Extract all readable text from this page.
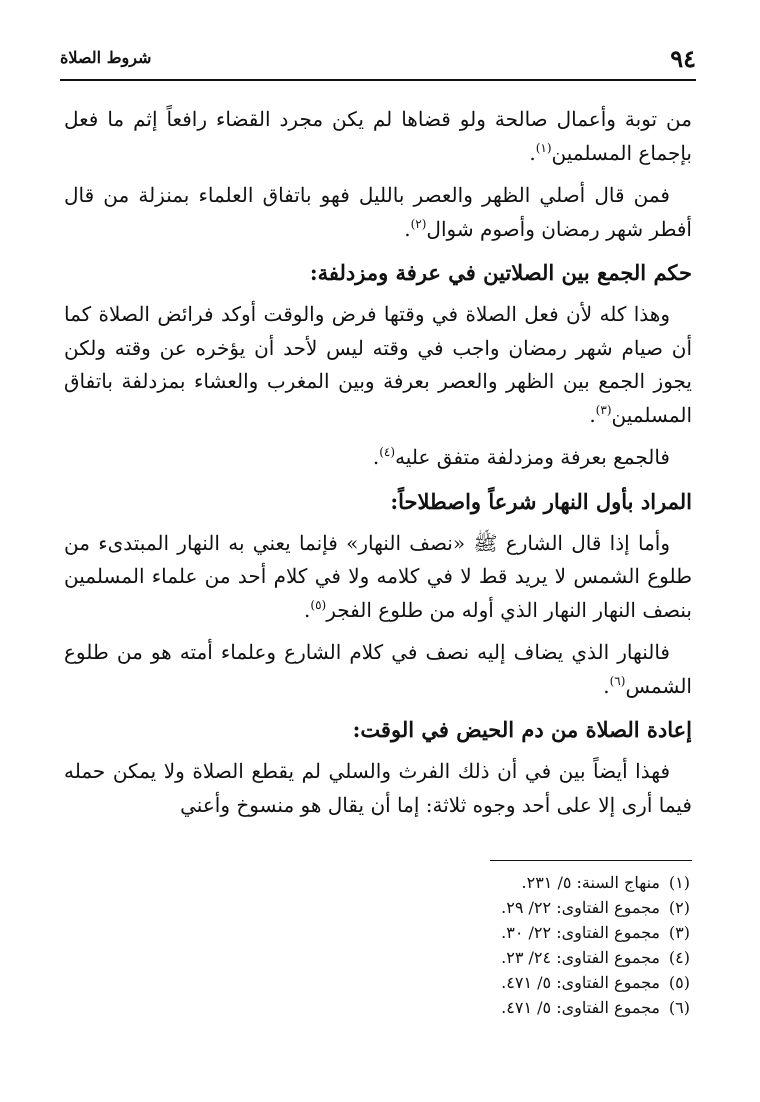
٩٤
شروط الصلاة

من توبة وأعمال صالحة ولو قضاها لم يكن مجرد القضاء رافعاً إثم ما فعل بإجماع المسلمين$^{(١)}$.

فمن قال أصلي الظهر والعصر بالليل فهو باتفاق العلماء بمنزلة من قال أفطر شهر رمضان وأصوم شوال$^{(٢)}$.

حكم الجمع بين الصلاتين في عرفة ومزدلفة:

وهذا كله لأن فعل الصلاة في وقتها فرض والوقت أوكد فرائض الصلاة كما أن صيام شهر رمضان واجب في وقته ليس لأحد أن يؤخره عن وقته ولكن يجوز الجمع بين الظهر والعصر بعرفة وبين المغرب والعشاء بمزدلفة باتفاق المسلمين$^{(٣)}$.

فالجمع بعرفة ومزدلفة متفق عليه$^{(٤)}$.

المراد بأول النهار شرعاً واصطلاحاً:

وأما إذا قال الشارع ﷺ «نصف النهار» فإنما يعني به النهار المبتدىء من طلوع الشمس لا يريد قط لا في كلامه ولا في كلام أحد من علماء المسلمين بنصف النهار النهار الذي أوله من طلوع الفجر$^{(٥)}$.

فالنهار الذي يضاف إليه نصف في كلام الشارع وعلماء أمته هو من طلوع الشمس$^{(٦)}$.

إعادة الصلاة من دم الحيض في الوقت:

فهذا أيضاً بين في أن ذلك الفرث والسلي لم يقطع الصلاة ولا يمكن حمله فيما أرى إلا على أحد وجوه ثلاثة: إما أن يقال هو منسوخ وأعني

(١)منهاج السنة: ٥/ ٢٣١.

(٢)مجموع الفتاوى: ٢٢/ ٢٩.

(٣)مجموع الفتاوى: ٢٢/ ٣٠.

(٤)مجموع الفتاوى: ٢٤/ ٢٣.

(٥)مجموع الفتاوى: ٥/ ٤٧١.

(٦)مجموع الفتاوى: ٥/ ٤٧١.
